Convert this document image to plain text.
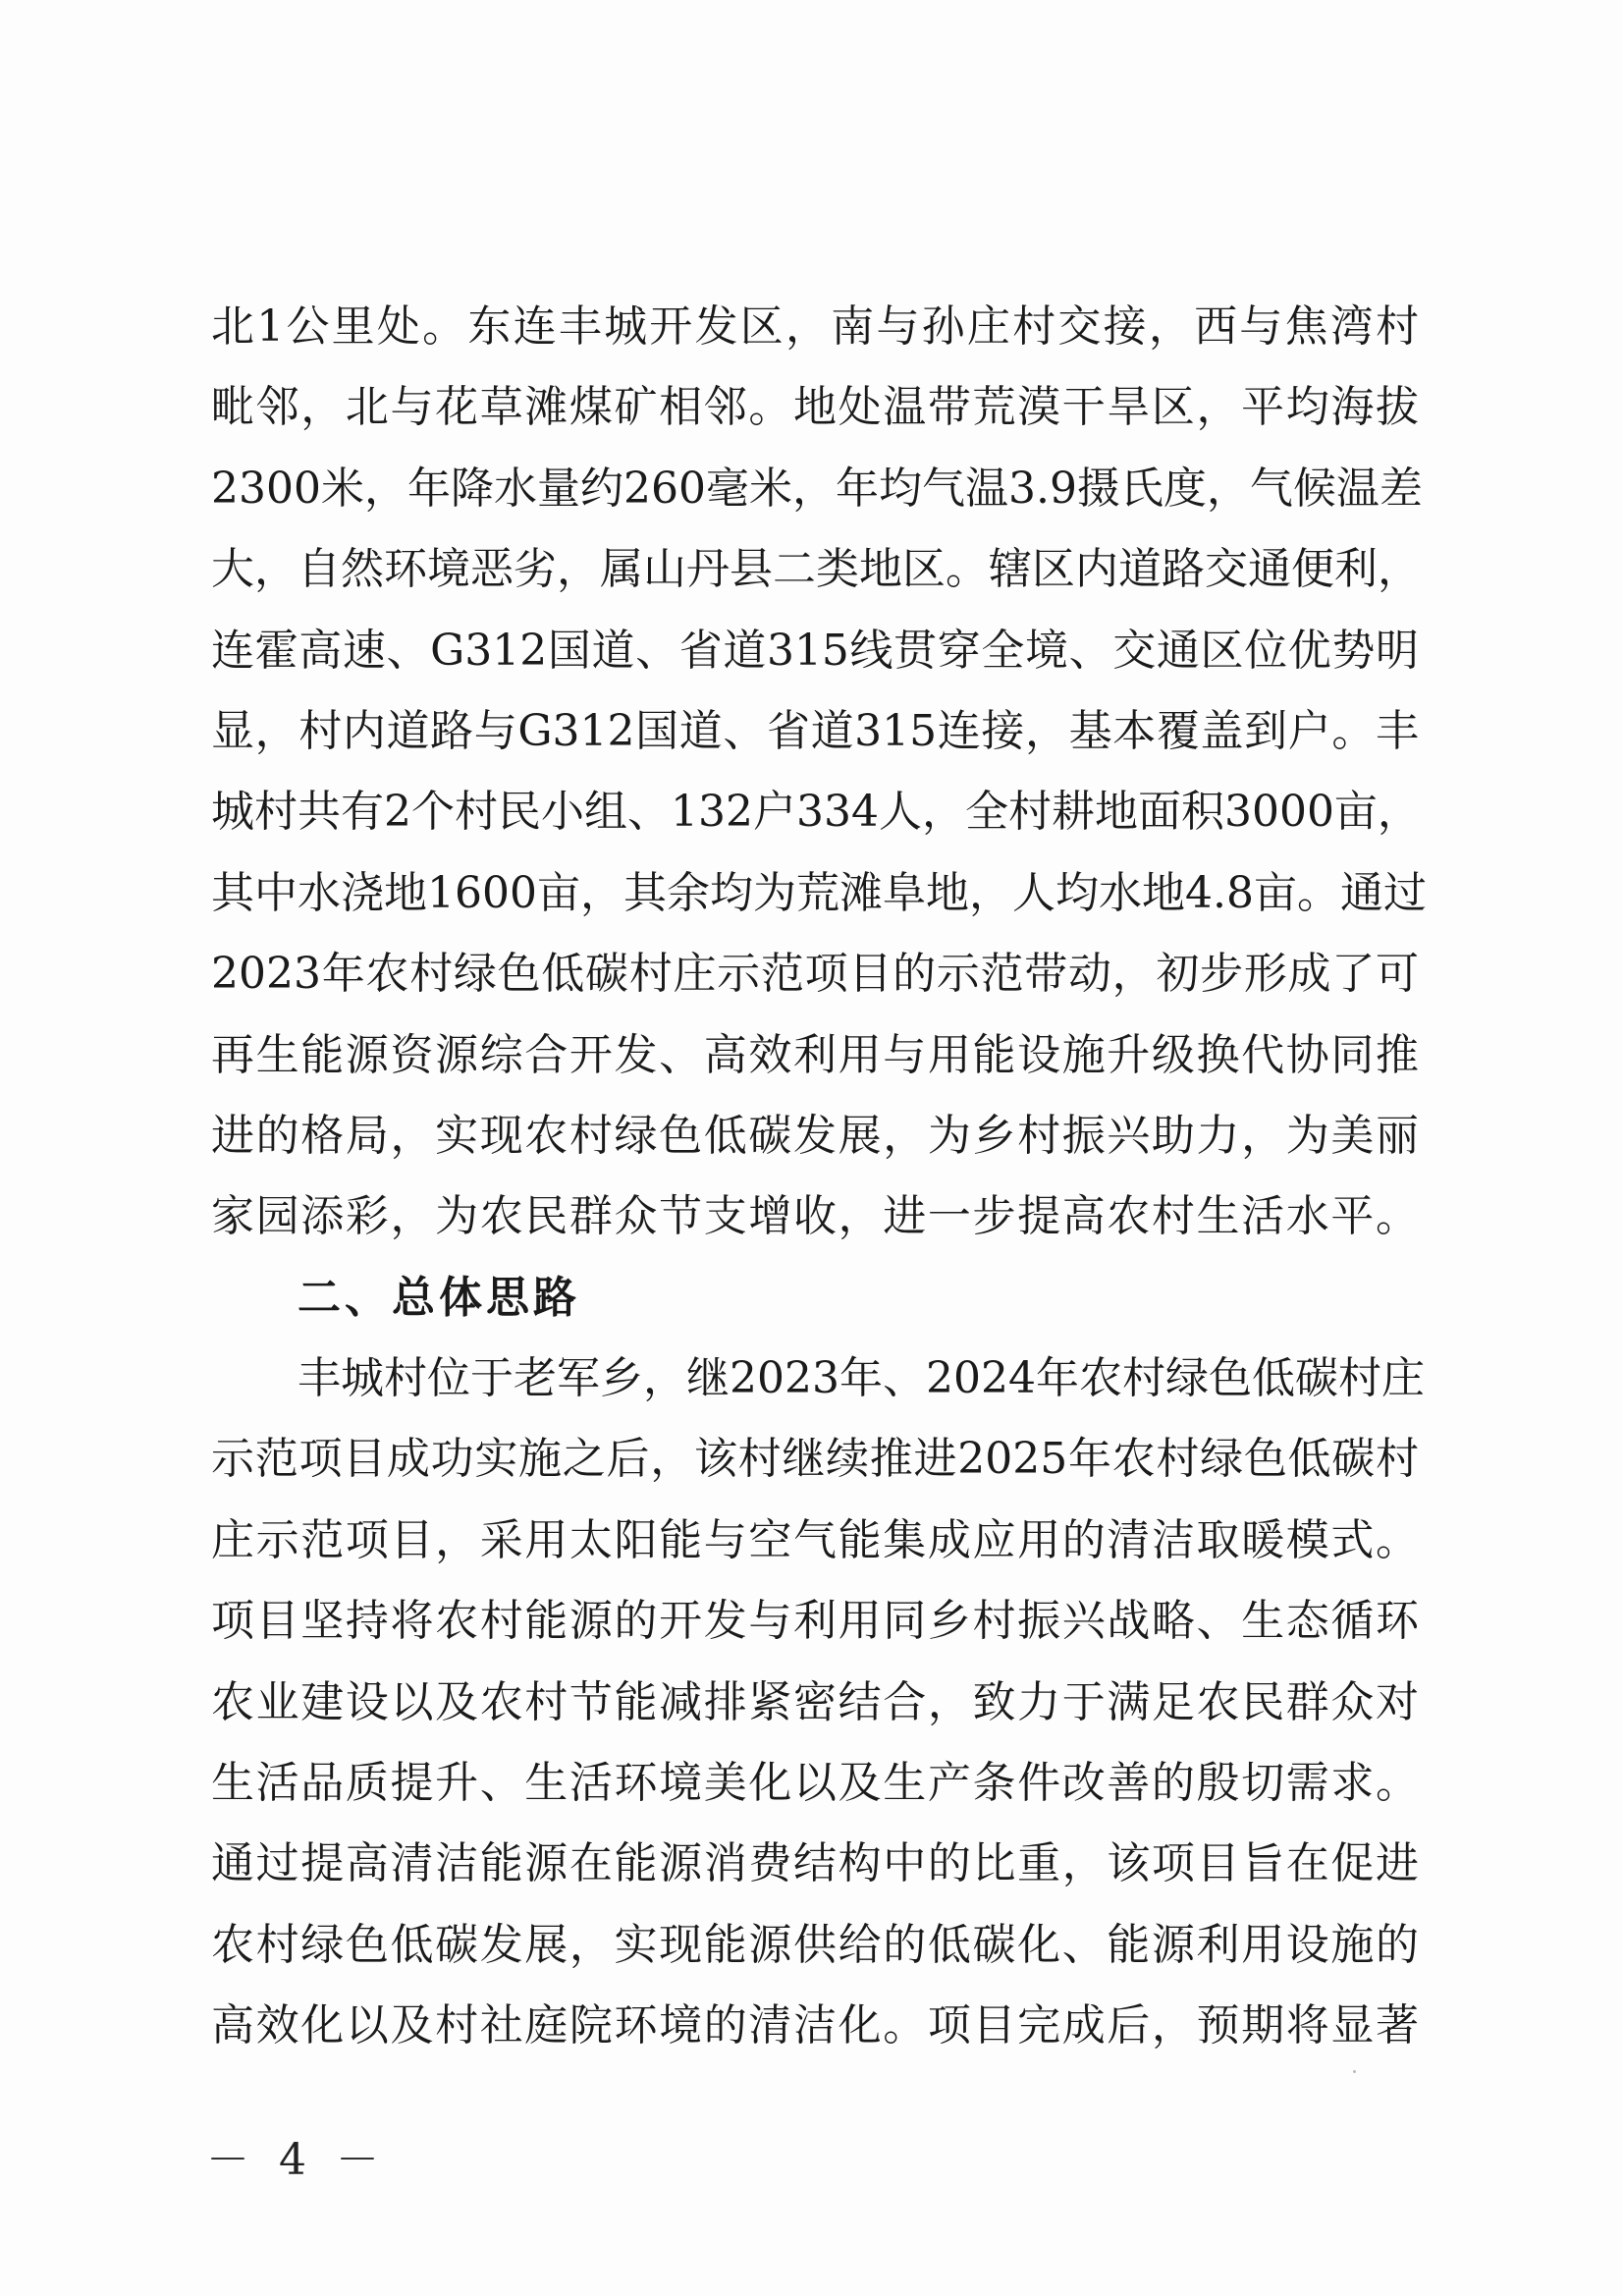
北1公里处。东连丰城开发区，南与孙庄村交接，西与焦湾村
毗邻，北与花草滩煤矿相邻。地处温带荒漠干旱区，平均海拔
2300米，年降水量约260毫米，年均气温3.9摄氏度，气候温差
大，自然环境恶劣，属山丹县二类地区。辖区内道路交通便利，
连霍高速、G312国道、省道315线贯穿全境、交通区位优势明
显，村内道路与G312国道、省道315连接，基本覆盖到户。丰
城村共有2个村民小组、132户334人，全村耕地面积3000亩，
其中水浇地1600亩，其余均为荒滩阜地，人均水地4.8亩。通过
2023年农村绿色低碳村庄示范项目的示范带动，初步形成了可
再生能源资源综合开发、高效利用与用能设施升级换代协同推
进的格局，实现农村绿色低碳发展，为乡村振兴助力，为美丽
家园添彩，为农民群众节支增收，进一步提高农村生活水平。
二、总体思路
丰城村位于老军乡，继2023年、2024年农村绿色低碳村庄
示范项目成功实施之后，该村继续推进2025年农村绿色低碳村
庄示范项目，采用太阳能与空气能集成应用的清洁取暖模式。
项目坚持将农村能源的开发与利用同乡村振兴战略、生态循环
农业建设以及农村节能减排紧密结合，致力于满足农民群众对
生活品质提升、生活环境美化以及生产条件改善的殷切需求。
通过提高清洁能源在能源消费结构中的比重，该项目旨在促进
农村绿色低碳发展，实现能源供给的低碳化、能源利用设施的
高效化以及村社庭院环境的清洁化。项目完成后，预期将显著
－ 4 －
